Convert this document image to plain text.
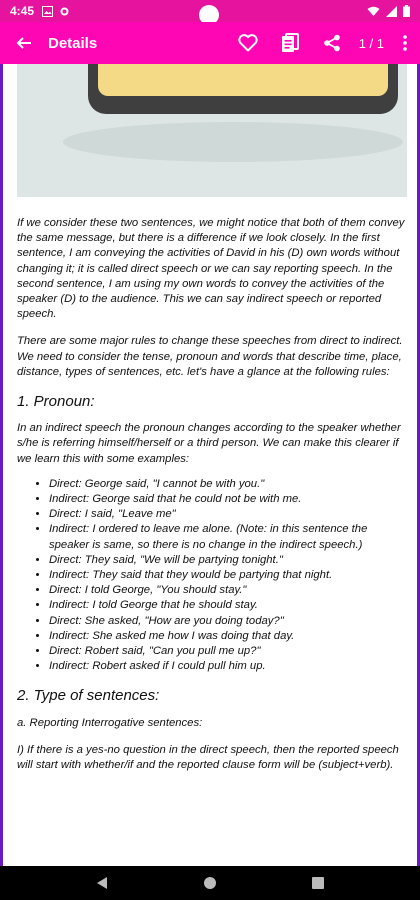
4:45
Details	1 / 1

If we consider these two sentences, we might notice that both of them convey the same message, but there is a difference if we look closely. In the first sentence, I am conveying the activities of David in his (D) own words without changing it; it is called direct speech or we can say reporting speech. In the second sentence, I am using my own words to convey the activities of the speaker (D) to the audience. This we can say indirect speech or reported speech.

There are some major rules to change these speeches from direct to indirect. We need to consider the tense, pronoun and words that describe time, place, distance, types of sentences, etc. let's have a glance at the following rules:

1. Pronoun:

In an indirect speech the pronoun changes according to the speaker whether s/he is referring himself/herself or a third person. We can make this clearer if we learn this with some examples:

• Direct: George said, "I cannot be with you."
• Indirect: George said that he could not be with me.
• Direct: I said, "Leave me"
• Indirect: I ordered to leave me alone. (Note: in this sentence the speaker is same, so there is no change in the indirect speech.)
• Direct: They said, "We will be partying tonight."
• Indirect: They said that they would be partying that night.
• Direct: I told George, "You should stay."
• Indirect: I told George that he should stay.
• Direct: She asked, "How are you doing today?"
• Indirect: She asked me how I was doing that day.
• Direct: Robert said, "Can you pull me up?"
• Indirect: Robert asked if I could pull him up.
2. Type of sentences:

a. Reporting Interrogative sentences:

I) If there is a yes-no question in the direct speech, then the reported speech will start with whether/if and the reported clause form will be (subject+verb).
